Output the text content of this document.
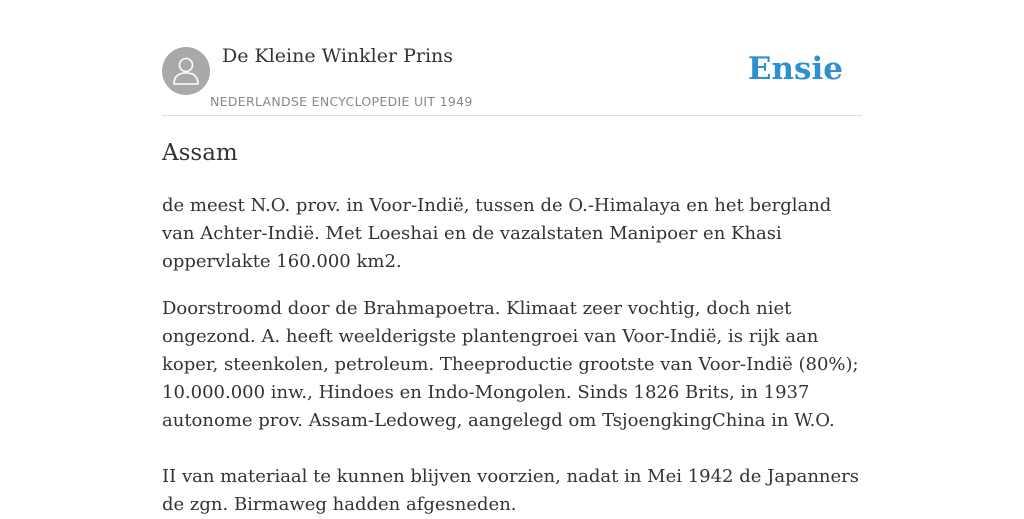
De Kleine Winkler Prins
NEDERLANDSE ENCYCLOPEDIE UIT 1949
Ensie
Assam

de meest N.O. prov. in Voor-Indië, tussen de O.-Himalaya en het bergland van Achter-Indië. Met Loeshai en de vazalstaten Manipoer en Khasi oppervlakte 160.000 km2.

Doorstroomd door de Brahmapoetra. Klimaat zeer vochtig, doch niet ongezond. A. heeft weelderigste plantengroei van Voor-Indië, is rijk aan koper, steenkolen, petroleum. Theeproductie grootste van Voor-Indië (80%); 10.000.000 inw., Hindoes en Indo-Mongolen. Sinds 1826 Brits, in 1937 autonome prov. Assam-Ledoweg, aangelegd om TsjoengkingChina in W.O.

II van materiaal te kunnen blijven voorzien, nadat in Mei 1942 de Japanners de zgn. Birmaweg hadden afgesneden.
